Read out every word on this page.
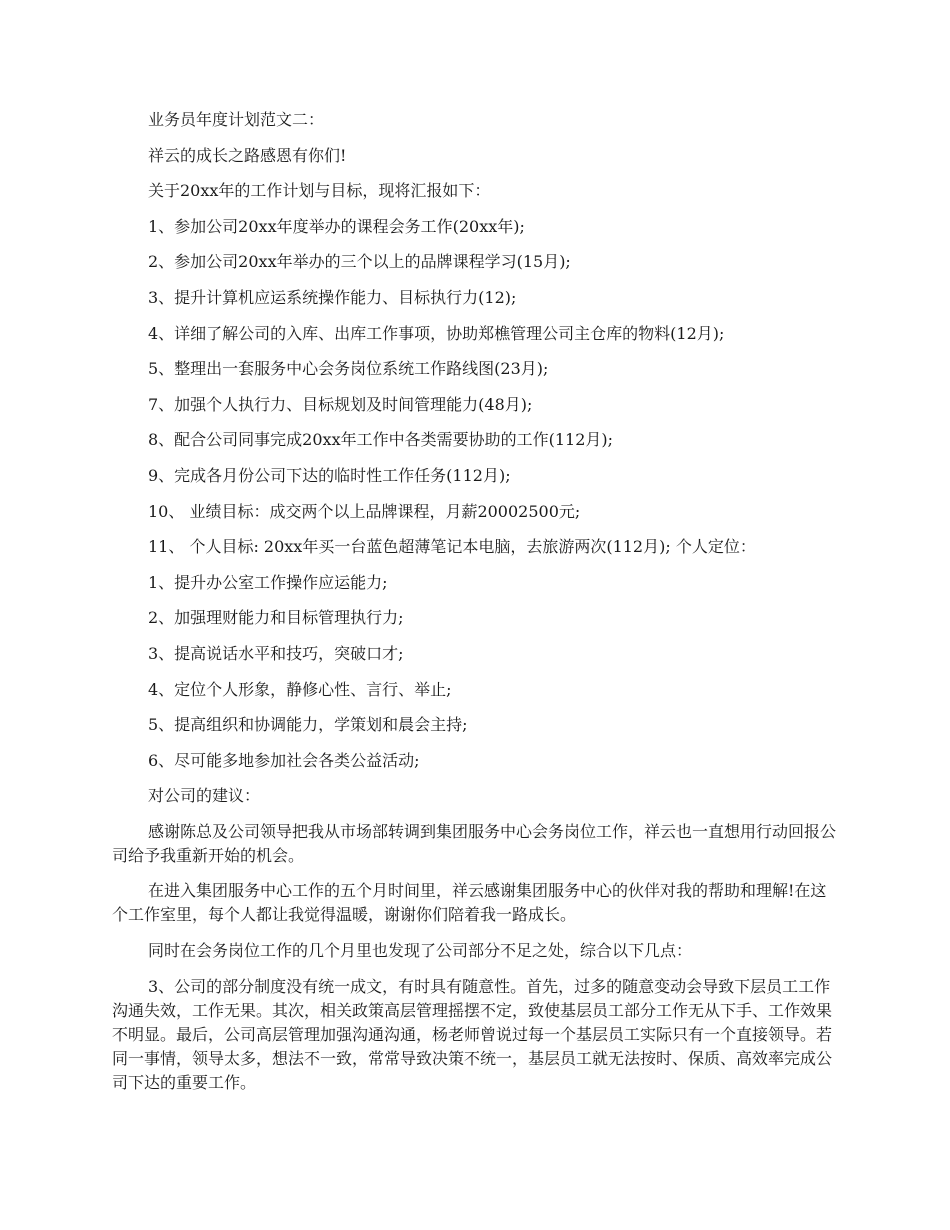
业务员年度计划范文二：

祥云的成长之路感恩有你们!

关于20xx年的工作计划与目标，现将汇报如下：

1、参加公司20xx年度举办的课程会务工作(20xx年);

2、参加公司20xx年举办的三个以上的品牌课程学习(15月);

3、提升计算机应运系统操作能力、目标执行力(12);

4、详细了解公司的入库、出库工作事项，协助郑樵管理公司主仓库的物料(12月);

5、整理出一套服务中心会务岗位系统工作路线图(23月);

7、加强个人执行力、目标规划及时间管理能力(48月);

8、配合公司同事完成20xx年工作中各类需要协助的工作(112月);

9、完成各月份公司下达的临时性工作任务(112月);

10、 业绩目标：成交两个以上品牌课程，月薪20002500元;

11、 个人目标: 20xx年买一台蓝色超薄笔记本电脑，去旅游两次(112月); 个人定位：

1、提升办公室工作操作应运能力;

2、加强理财能力和目标管理执行力;

3、提高说话水平和技巧，突破口才;

4、定位个人形象，静修心性、言行、举止;

5、提高组织和协调能力，学策划和晨会主持;

6、尽可能多地参加社会各类公益活动;

对公司的建议：

感谢陈总及公司领导把我从市场部转调到集团服务中心会务岗位工作，祥云也一直想用行动回报公司给予我重新开始的机会。

在进入集团服务中心工作的五个月时间里，祥云感谢集团服务中心的伙伴对我的帮助和理解!在这个工作室里，每个人都让我觉得温暖，谢谢你们陪着我一路成长。

同时在会务岗位工作的几个月里也发现了公司部分不足之处，综合以下几点：

3、公司的部分制度没有统一成文，有时具有随意性。首先，过多的随意变动会导致下层员工工作沟通失效，工作无果。其次，相关政策高层管理摇摆不定，致使基层员工部分工作无从下手、工作效果不明显。最后，公司高层管理加强沟通沟通，杨老师曾说过每一个基层员工实际只有一个直接领导。若同一事情，领导太多，想法不一致，常常导致决策不统一，基层员工就无法按时、保质、高效率完成公司下达的重要工作。
